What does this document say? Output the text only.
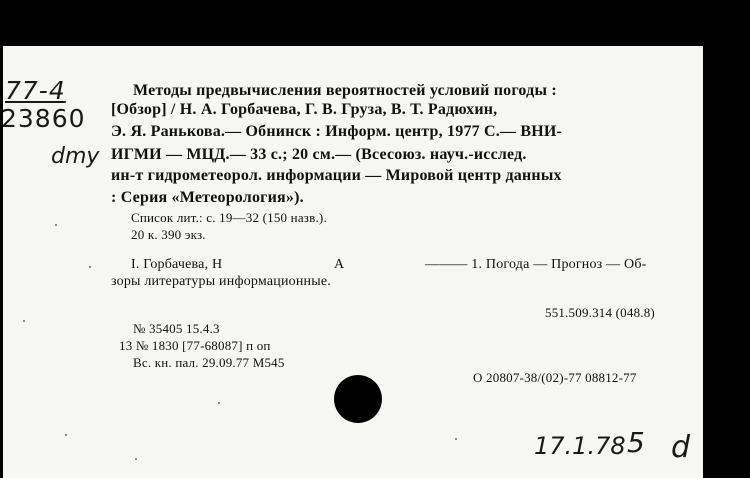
77-4
23860
dmy
Методы предвычисления вероятностей условий погоды :
[Обзор] / Н. А. Горбачева, Г. В. Груза, В. Т. Радюхин,
Э. Я. Ранькова.— Обнинск : Информ. центр, 1977 С.— ВНИ-
ИГМИ — МЦД.— 33 с.; 20 см.— (Всесоюз. науч.-исслед.
ин-т гидрометеорол. информации — Мировой центр данных
: Серия «Метеорология»).
Список лит.: с. 19—32 (150 назв.).
20 к. 390 экз.
I. Горбачева, Н	А	——— 1. Погода — Прогноз — Об-
зоры литературы информационные.
551.509.314 (048.8)
№ 35405 15.4.3
13 № 1830 [77-68087] п оп
Вс. кн. пал. 29.09.77 М545
О 20807-38/(02)-77 08812-77
17.1.78 5 d
